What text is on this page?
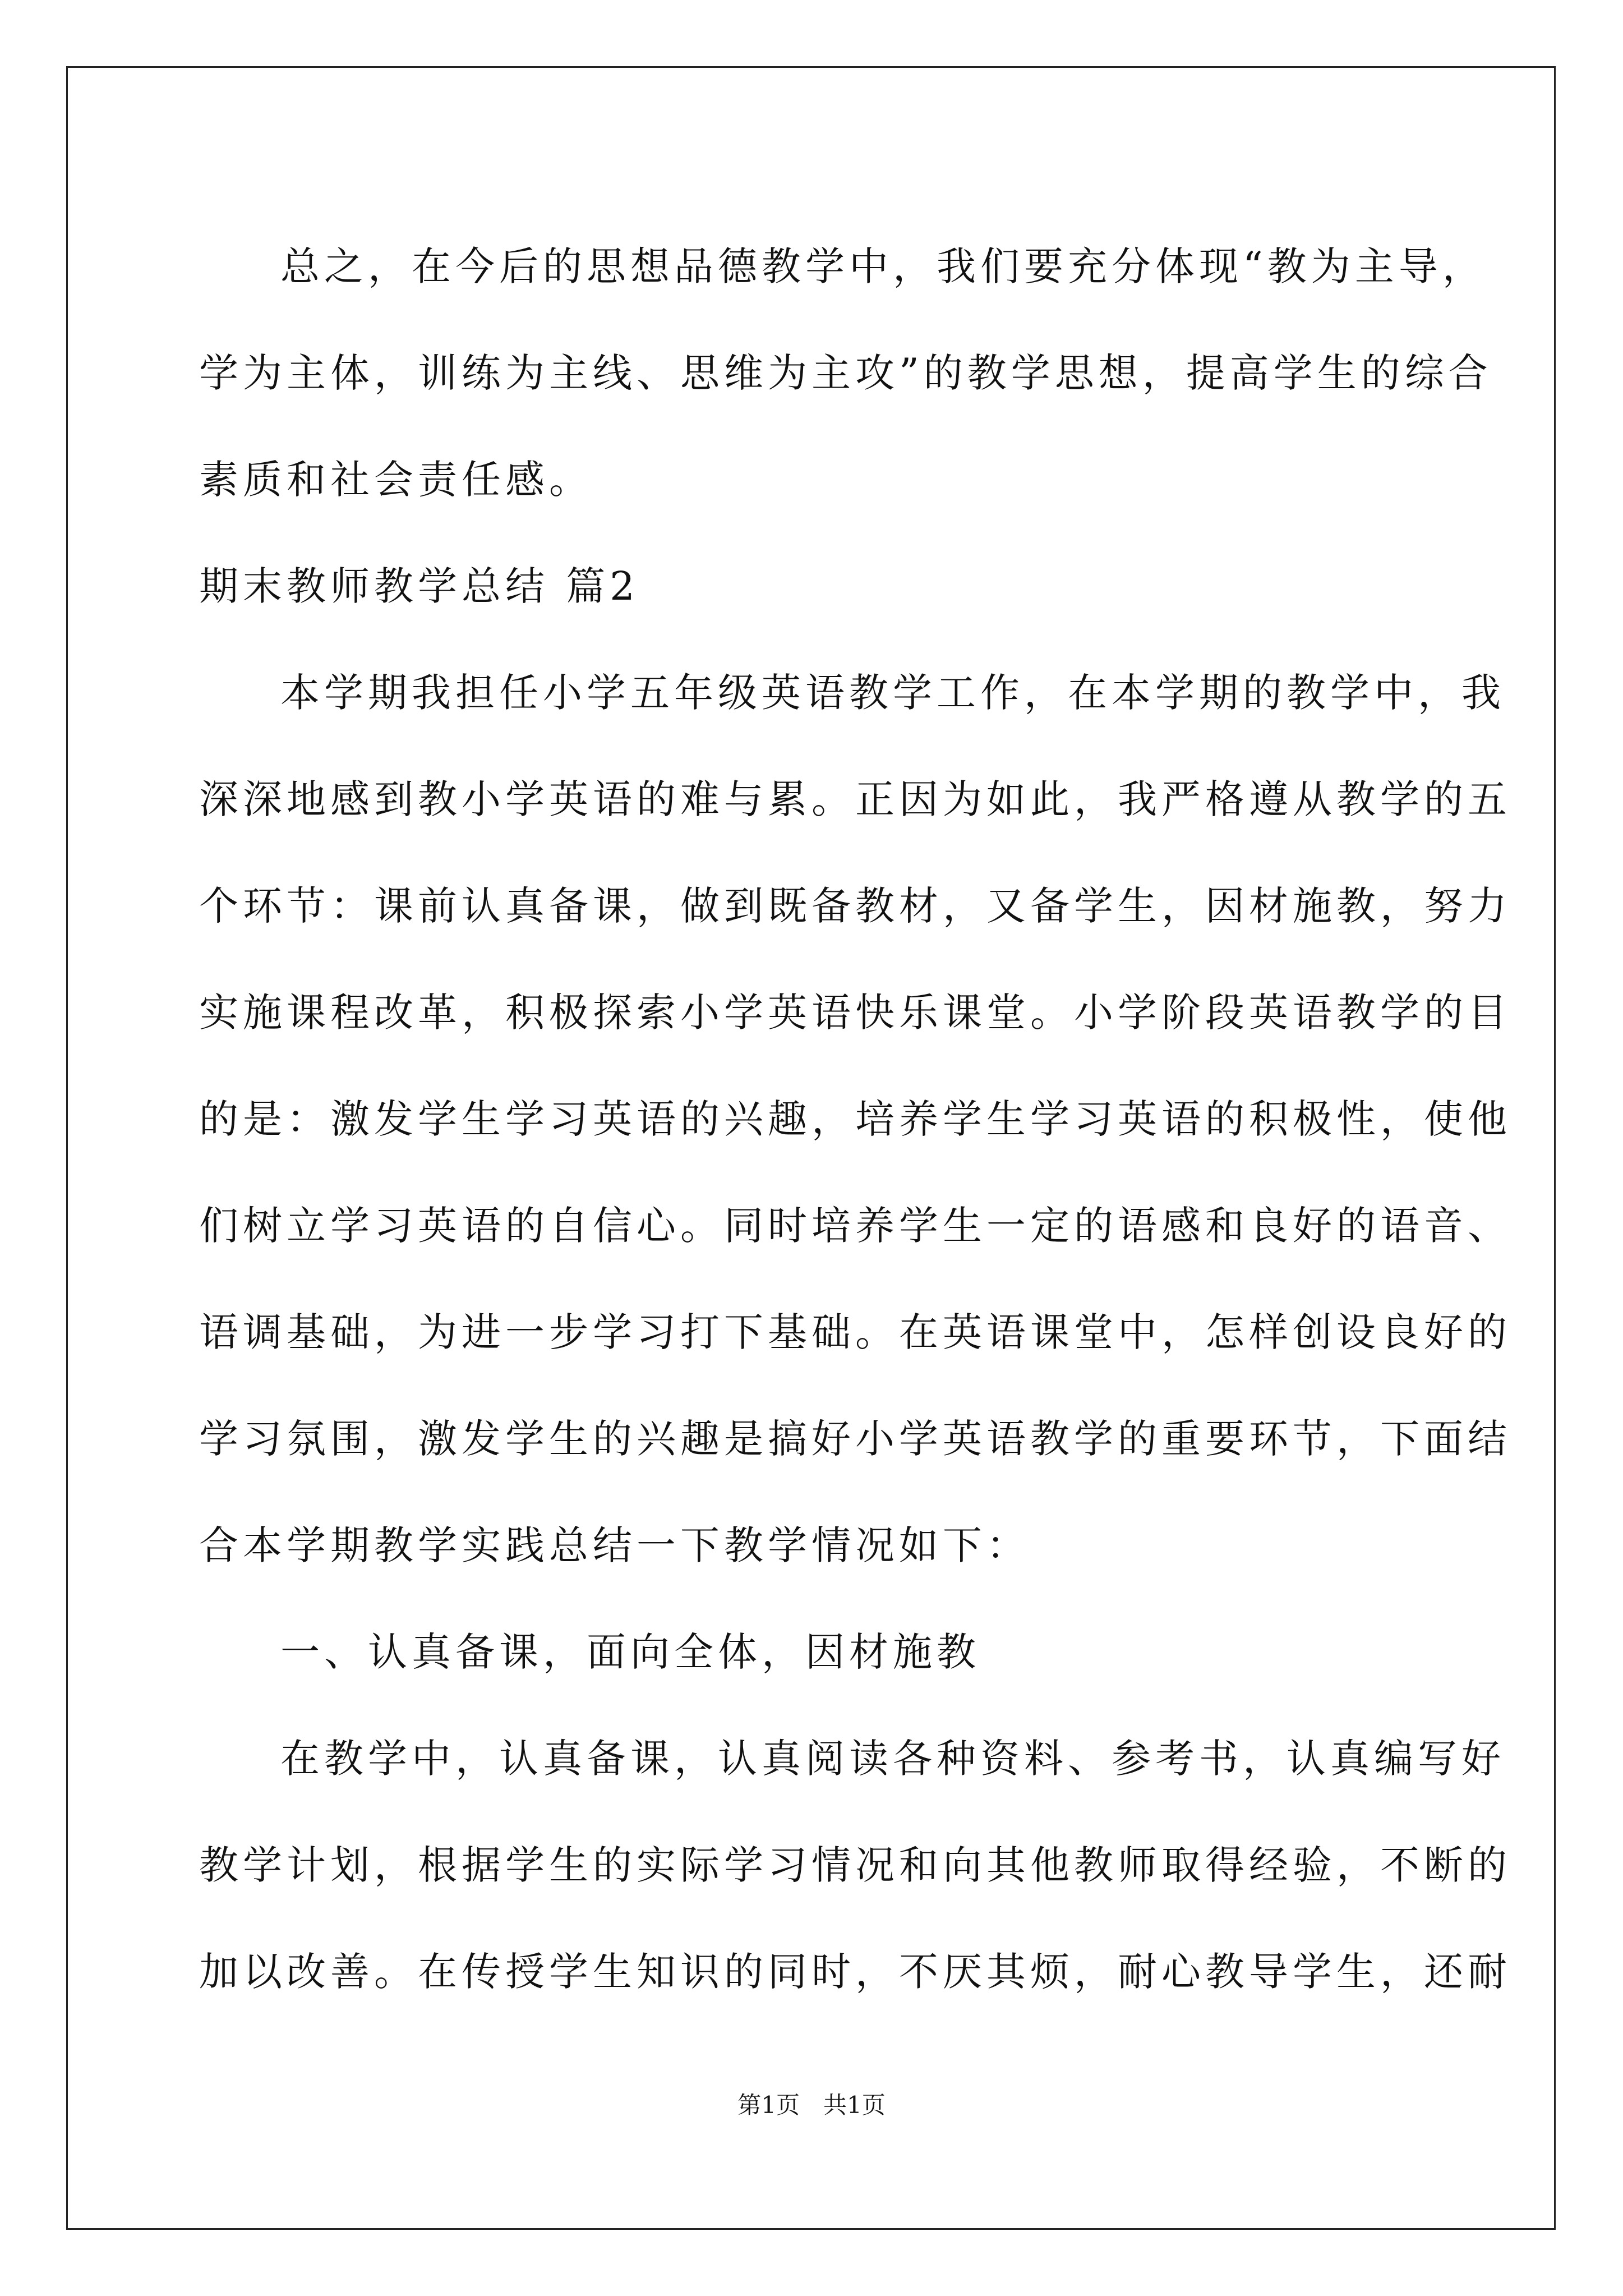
总之，在今后的思想品德教学中，我们要充分体现“教为主导，
学为主体，训练为主线、思维为主攻”的教学思想，提高学生的综合
素质和社会责任感。
期末教师教学总结 篇2
本学期我担任小学五年级英语教学工作，在本学期的教学中，我
深深地感到教小学英语的难与累。正因为如此，我严格遵从教学的五
个环节：课前认真备课，做到既备教材，又备学生，因材施教，努力
实施课程改革，积极探索小学英语快乐课堂。小学阶段英语教学的目
的是：激发学生学习英语的兴趣，培养学生学习英语的积极性，使他
们树立学习英语的自信心。同时培养学生一定的语感和良好的语音、
语调基础，为进一步学习打下基础。在英语课堂中，怎样创设良好的
学习氛围，激发学生的兴趣是搞好小学英语教学的重要环节，下面结
合本学期教学实践总结一下教学情况如下：
一、认真备课，面向全体，因材施教
在教学中，认真备课，认真阅读各种资料、参考书，认真编写好
教学计划，根据学生的实际学习情况和向其他教师取得经验，不断的
加以改善。在传授学生知识的同时，不厌其烦，耐心教导学生，还耐
第1页　共1页
